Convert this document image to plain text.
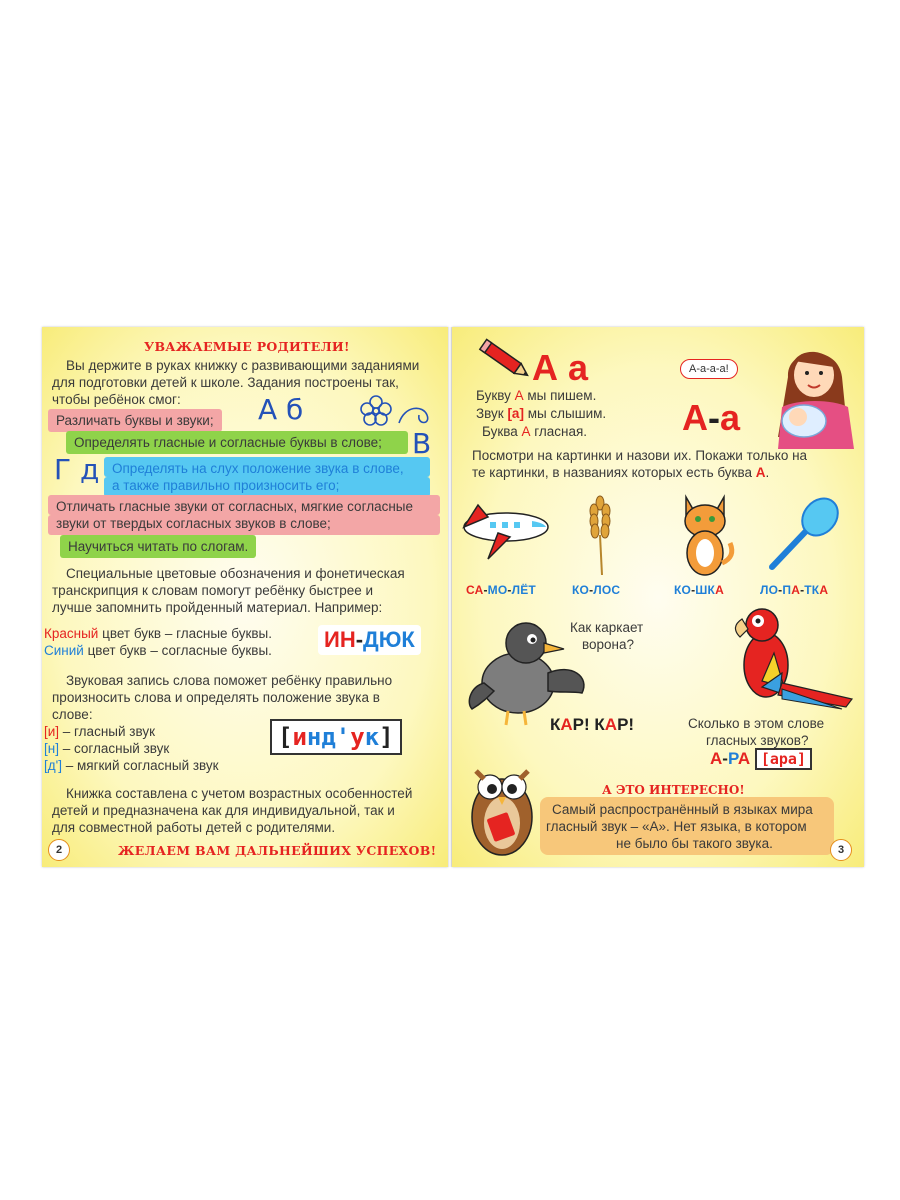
УВАЖАЕМЫЕ РОДИТЕЛИ!
Вы держите в руках книжку с развивающими заданиями
для подготовки детей к школе. Задания построены так,
чтобы ребёнок смог:
Различать буквы и звуки;
Определять гласные и согласные буквы в слове;
Определять на слух положение звука в слове,
а также правильно произносить его;
Отличать гласные звуки от согласных, мягкие согласные
звуки от твердых согласных звуков в слове;
Научиться читать по слогам.
А б
В
Г д
Специальные цветовые обозначения и фонетическая
транскрипция к словам помогут ребёнку быстрее и
лучше запомнить пройденный материал. Например:
Красный цвет букв – гласные буквы.
Синий цвет букв – согласные буквы. ИН-ДЮК
Звуковая запись слова поможет ребёнку правильно
произносить слова и определять положение звука в
слове:
[и] – гласный звук
[н] – согласный звук
[д'] – мягкий согласный звук
[инд'ук]
Книжка составлена с учетом возрастных особенностей
детей и предназначена как для индивидуальной, так и
для совместной работы детей с родителями.
2	ЖЕЛАЕМ ВАМ ДАЛЬНЕЙШИХ УСПЕХОВ!
А а
Букву А мы пишем.
Звук [а] мы слышим.
Буква А гласная.
А-а-а-а!
А-а
Посмотри на картинки и назови их. Покажи только на
те картинки, в названиях которых есть буква А.
СА-МО-ЛЁТ	КО-ЛОС	КО-ШКА	ЛО-ПА-ТКА
Как каркает
ворона?
КАР! КАР!	Сколько в этом слове
гласных звуков?
А-РА [ара]
А ЭТО ИНТЕРЕСНО!
Самый распространённый в языках мира
гласный звук – «А». Нет языка, в котором
не было бы такого звука.	3
